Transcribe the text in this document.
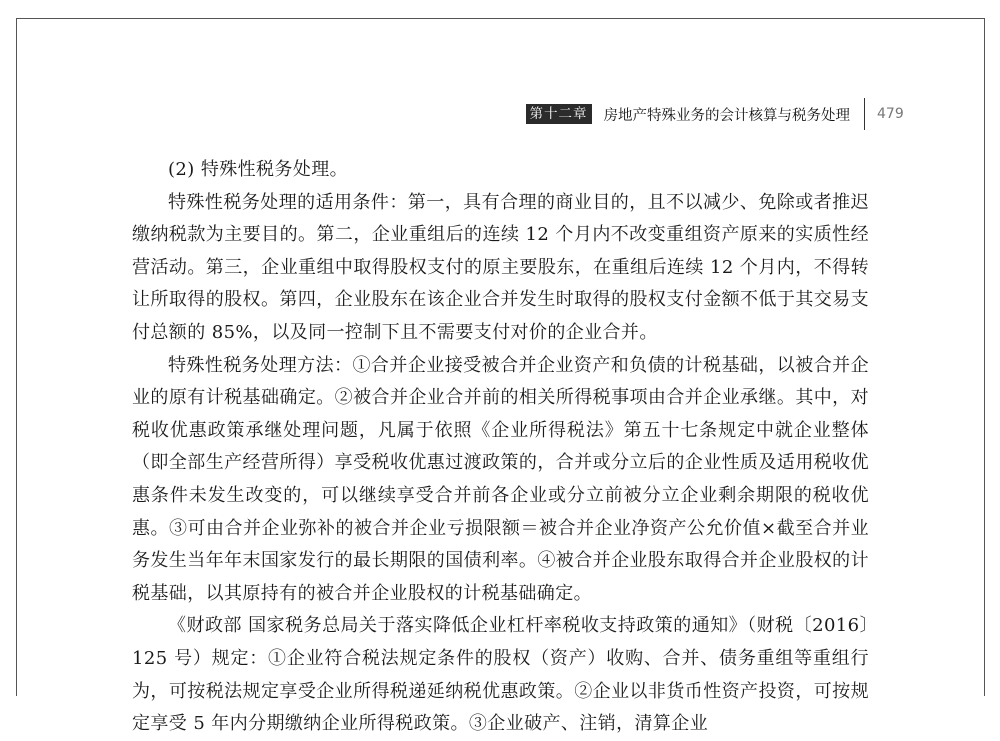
第十二章 房地产特殊业务的会计核算与税务处理 479

(2) 特殊性税务处理。

特殊性税务处理的适用条件：第一，具有合理的商业目的，且不以减少、免除或者推迟缴纳税款为主要目的。第二，企业重组后的连续 12 个月内不改变重组资产原来的实质性经营活动。第三，企业重组中取得股权支付的原主要股东，在重组后连续 12 个月内，不得转让所取得的股权。第四，企业股东在该企业合并发生时取得的股权支付金额不低于其交易支付总额的 85%，以及同一控制下且不需要支付对价的企业合并。

特殊性税务处理方法：①合并企业接受被合并企业资产和负债的计税基础，以被合并企业的原有计税基础确定。②被合并企业合并前的相关所得税事项由合并企业承继。其中，对税收优惠政策承继处理问题，凡属于依照《企业所得税法》第五十七条规定中就企业整体（即全部生产经营所得）享受税收优惠过渡政策的，合并或分立后的企业性质及适用税收优惠条件未发生改变的，可以继续享受合并前各企业或分立前被分立企业剩余期限的税收优惠。③可由合并企业弥补的被合并企业亏损限额＝被合并企业净资产公允价值×截至合并业务发生当年年末国家发行的最长期限的国债利率。④被合并企业股东取得合并企业股权的计税基础，以其原持有的被合并企业股权的计税基础确定。

《财政部 国家税务总局关于落实降低企业杠杆率税收支持政策的通知》（财税〔2016〕125 号）规定：①企业符合税法规定条件的股权（资产）收购、合并、债务重组等重组行为，可按税法规定享受企业所得税递延纳税优惠政策。②企业以非货币性资产投资，可按规定享受 5 年内分期缴纳企业所得税政策。③企业破产、注销，清算企业
